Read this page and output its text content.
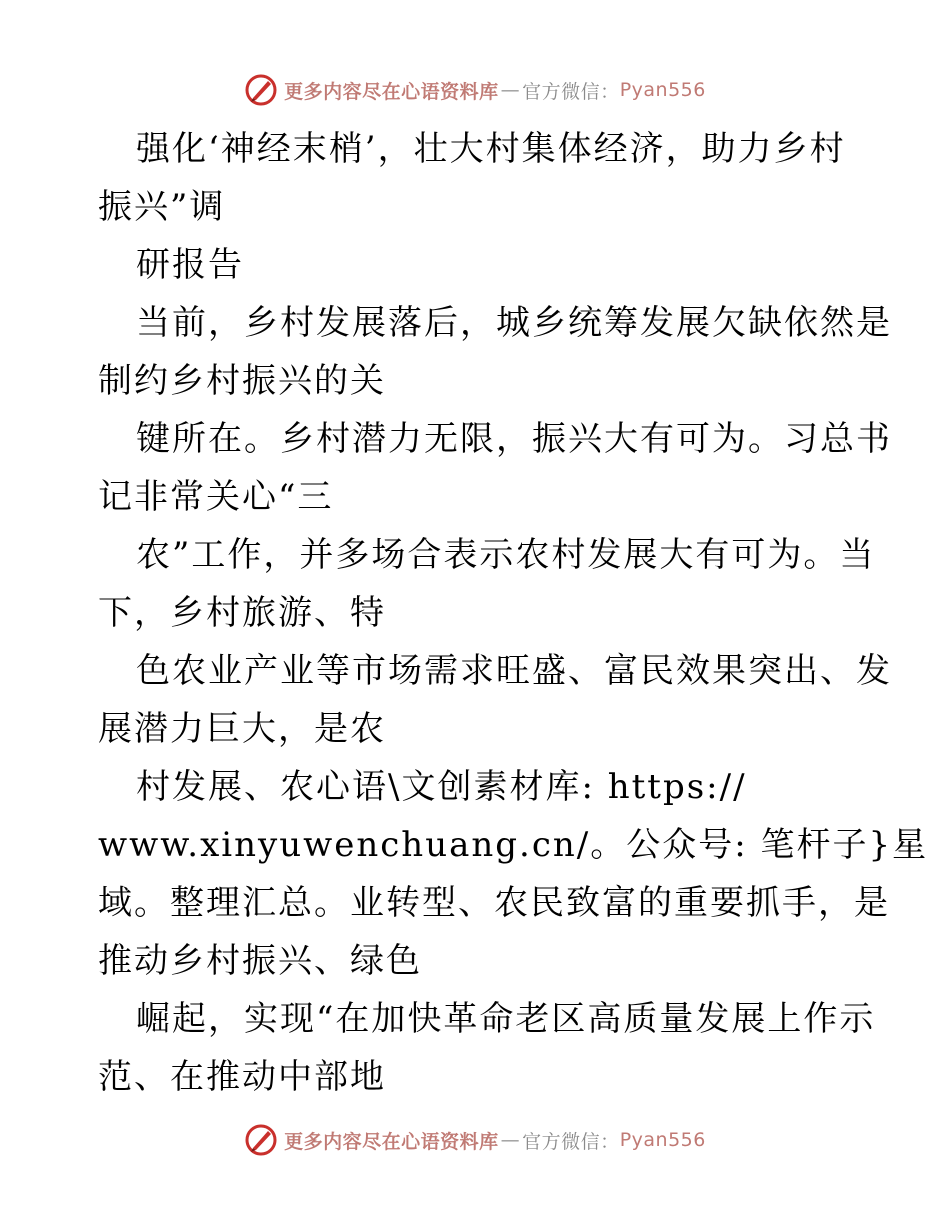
更多内容尽在心语资料库 — 官方微信： Pyan556
强化‘神经末梢’，壮大村集体经济，助力乡村
振兴”调
研报告
当前，乡村发展落后，城乡统筹发展欠缺依然是
制约乡村振兴的关
键所在。乡村潜力无限，振兴大有可为。习总书
记非常关心“三
农”工作，并多场合表示农村发展大有可为。当
下，乡村旅游、特
色农业产业等市场需求旺盛、富民效果突出、发
展潜力巨大，是农
村发展、农心语\文创素材库: https://
www.xinyuwenchuang.cn/。公众号: 笔杆子}星
域。整理汇总。业转型、农民致富的重要抓手，是
推动乡村振兴、绿色
崛起，实现“在加快革命老区高质量发展上作示
范、在推动中部地
更多内容尽在心语资料库 — 官方微信： Pyan556
